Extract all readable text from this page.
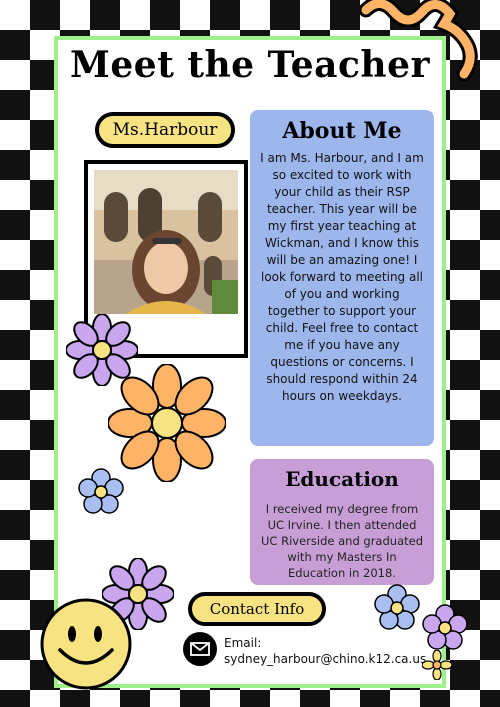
Meet the Teacher
Ms.Harbour	About Me
I am Ms. Harbour, and I am so excited to work with your child as their RSP teacher. This year will be my first year teaching at Wickman, and I know this will be an amazing one! I look forward to meeting all of you and working together to support your child. Feel free to contact me if you have any questions or concerns. I should respond within 24 hours on weekdays.
Education
I received my degree from UC Irvine. I then attended UC Riverside and graduated with my Masters In Education in 2018.
Contact Info
Email:
sydney_harbour@chino.k12.ca.us
